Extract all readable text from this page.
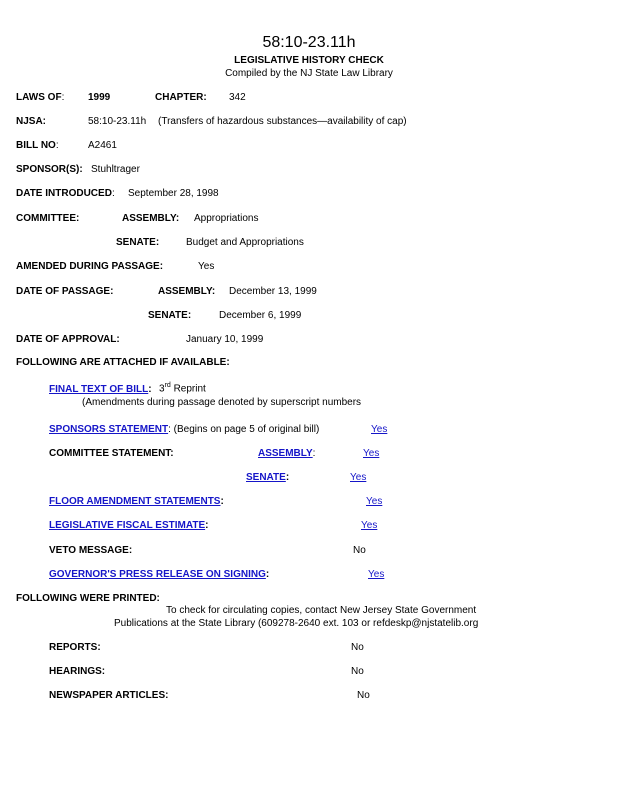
58:10-23.11h
LEGISLATIVE HISTORY CHECK
Compiled by the NJ State Law Library
LAWS OF: 1999	CHAPTER: 342
NJSA:	58:10-23.11h (Transfers of hazardous substances—availability of cap)
BILL NO:	A2461
SPONSOR(S): Stuhltrager
DATE INTRODUCED: September 28, 1998
COMMITTEE:	ASSEMBLY: Appropriations
SENATE:	Budget and Appropriations
AMENDED DURING PASSAGE:	Yes
DATE OF PASSAGE:	ASSEMBLY: December 13, 1999
SENATE:	December 6, 1999
DATE OF APPROVAL:	January 10, 1999
FOLLOWING ARE ATTACHED IF AVAILABLE:
FINAL TEXT OF BILL: 3rd Reprint
(Amendments during passage denoted by superscript numbers
SPONSORS STATEMENT: (Begins on page 5 of original bill)	Yes
COMMITTEE STATEMENT:	ASSEMBLY:	Yes
SENATE:	Yes
FLOOR AMENDMENT STATEMENTS:	Yes
LEGISLATIVE FISCAL ESTIMATE:	Yes
VETO MESSAGE:	No
GOVERNOR'S PRESS RELEASE ON SIGNING:	Yes
FOLLOWING WERE PRINTED:
To check for circulating copies, contact New Jersey State Government
Publications at the State Library (609278-2640 ext. 103 or refdeskp@njstatelib.org
REPORTS:	No
HEARINGS:	No
NEWSPAPER ARTICLES:	No
